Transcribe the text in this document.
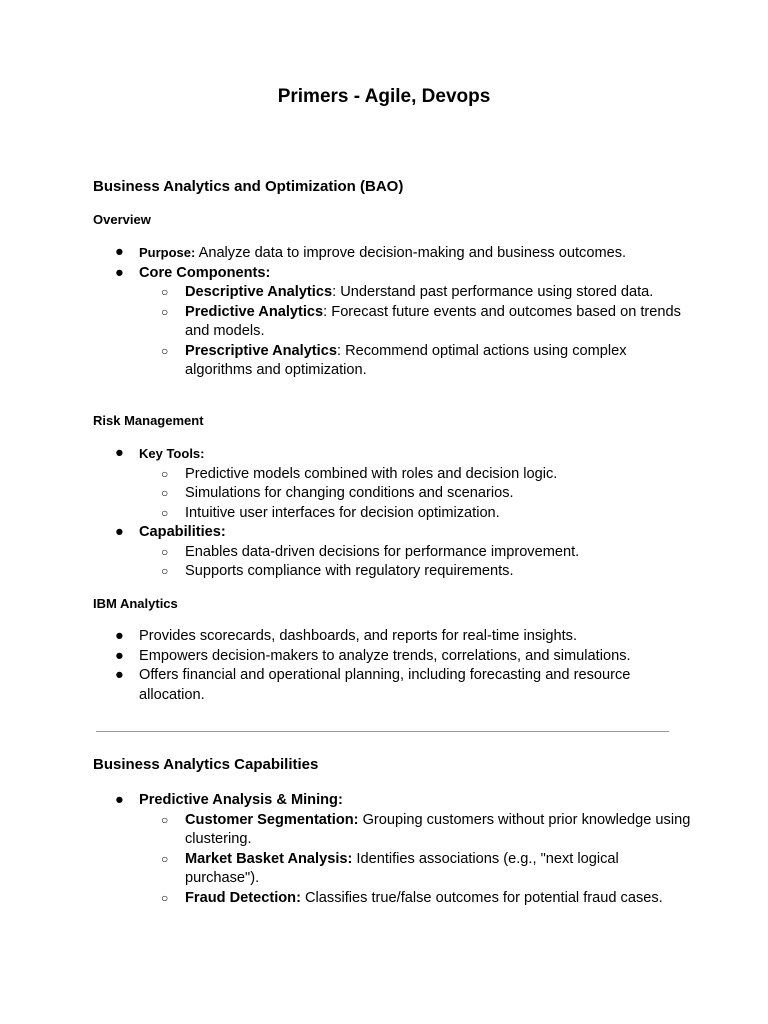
Primers - Agile, Devops
Business Analytics and Optimization (BAO)
Overview
● Purpose: Analyze data to improve decision-making and business outcomes.
● Core Components:
○ Descriptive Analytics: Understand past performance using stored data.
○ Predictive Analytics: Forecast future events and outcomes based on trends and models.
○ Prescriptive Analytics: Recommend optimal actions using complex algorithms and optimization.
Risk Management
● Key Tools:
○ Predictive models combined with roles and decision logic.
○ Simulations for changing conditions and scenarios.
○ Intuitive user interfaces for decision optimization.
● Capabilities:
○ Enables data-driven decisions for performance improvement.
○ Supports compliance with regulatory requirements.
IBM Analytics
● Provides scorecards, dashboards, and reports for real-time insights.
● Empowers decision-makers to analyze trends, correlations, and simulations.
● Offers financial and operational planning, including forecasting and resource allocation.
Business Analytics Capabilities
● Predictive Analysis & Mining:
○ Customer Segmentation: Grouping customers without prior knowledge using clustering.
○ Market Basket Analysis: Identifies associations (e.g., "next logical purchase").
○ Fraud Detection: Classifies true/false outcomes for potential fraud cases.
